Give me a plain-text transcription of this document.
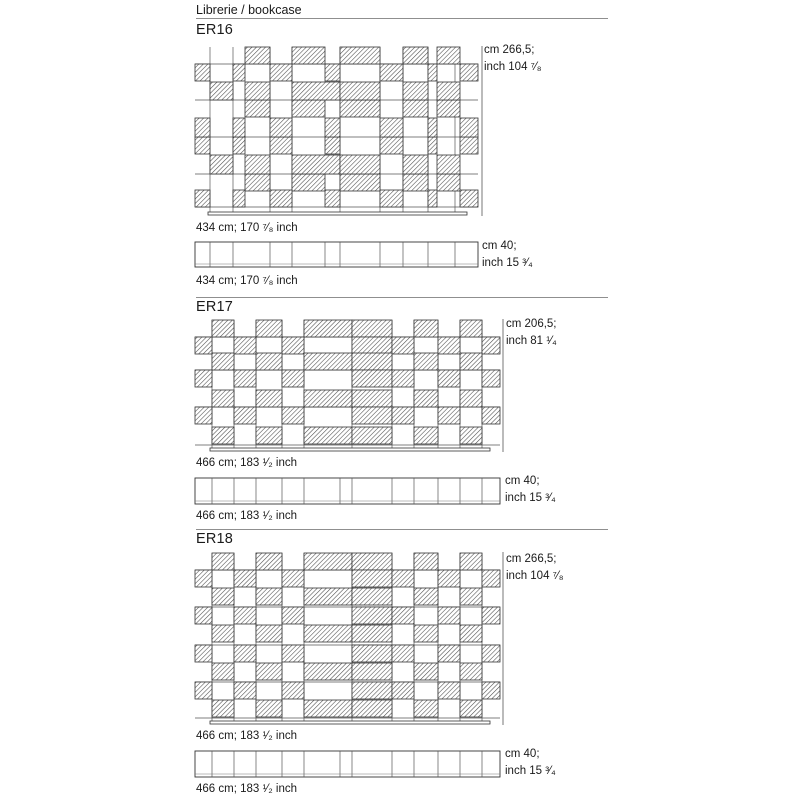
Librerie / bookcase
ER16
cm 266,5;
inch 104 ⁷⁄₈
434 cm; 170 ⁷⁄₈ inch
cm 40;
inch 15 ³⁄₄
434 cm; 170 ⁷⁄₈ inch
ER17
cm 206,5;
inch 81 ¹⁄₄
466 cm; 183 ¹⁄₂ inch
cm 40;
inch 15 ³⁄₄
466 cm; 183 ¹⁄₂ inch
ER18
cm 266,5;
inch 104 ⁷⁄₈
466 cm; 183 ¹⁄₂ inch
cm 40;
inch 15 ³⁄₄
466 cm; 183 ¹⁄₂ inch
